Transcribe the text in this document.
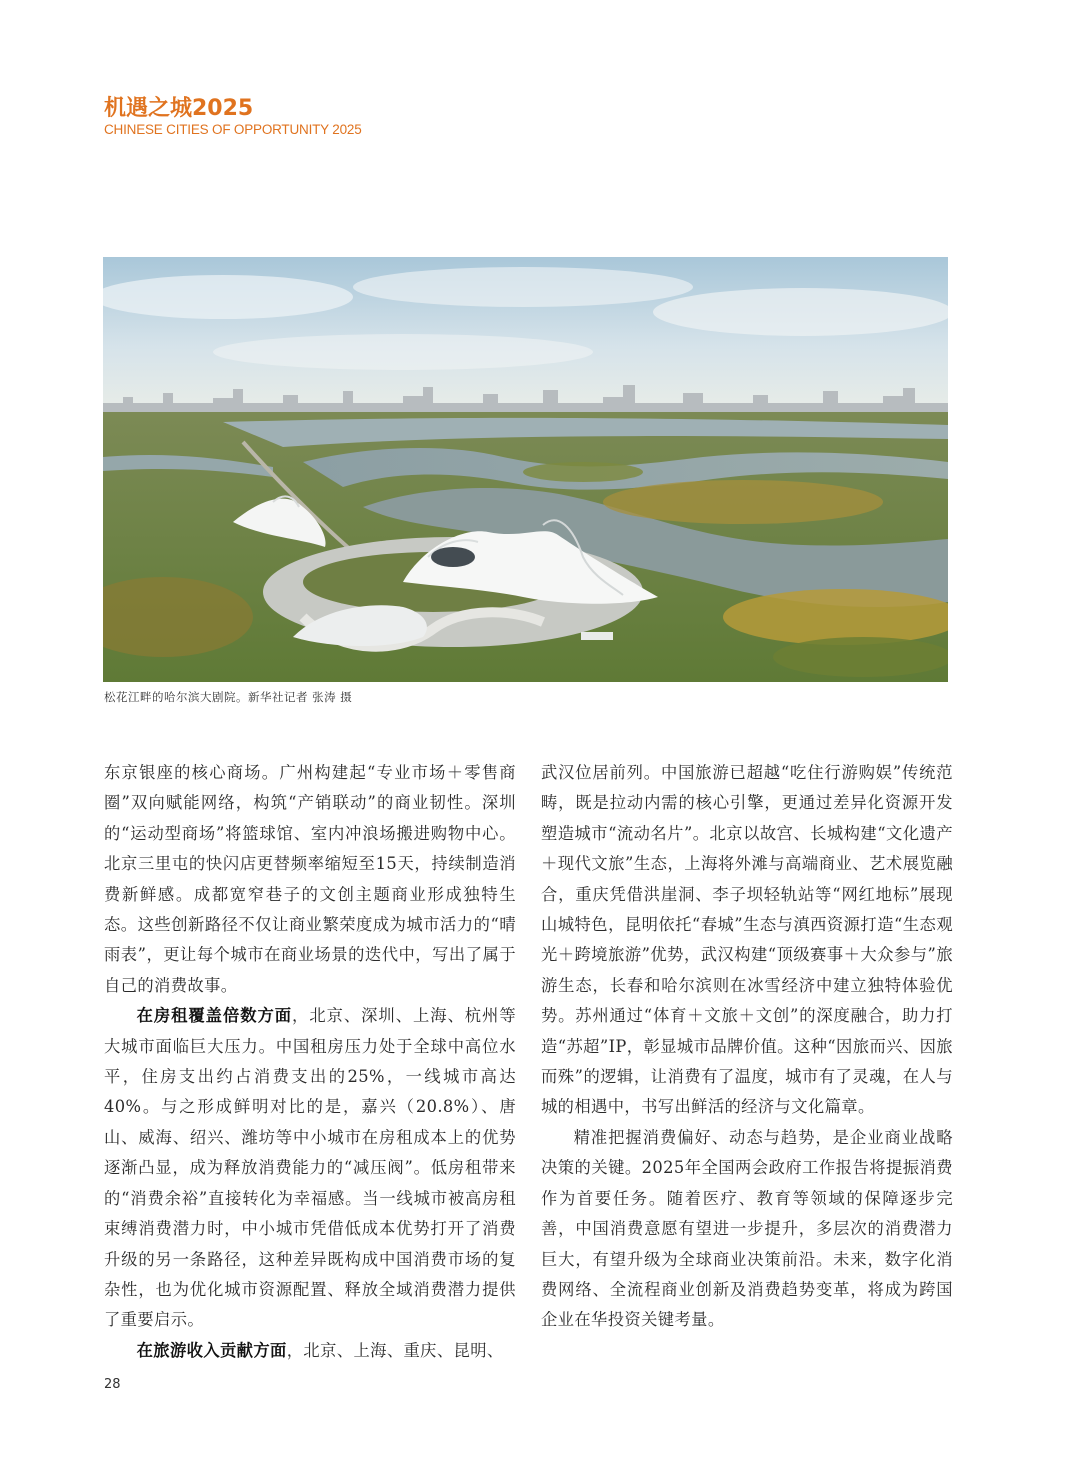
机遇之城2025
CHINESE CITIES OF OPPORTUNITY 2025
松花江畔的哈尔滨大剧院。新华社记者 张涛 摄

东京银座的核心商场。广州构建起“专业市场＋零售商圈”双向赋能网络，构筑“产销联动”的商业韧性。深圳的“运动型商场”将篮球馆、室内冲浪场搬进购物中心。北京三里屯的快闪店更替频率缩短至15天，持续制造消费新鲜感。成都宽窄巷子的文创主题商业形成独特生态。这些创新路径不仅让商业繁荣度成为城市活力的“晴雨表”，更让每个城市在商业场景的迭代中，写出了属于自己的消费故事。

在房租覆盖倍数方面，北京、深圳、上海、杭州等大城市面临巨大压力。中国租房压力处于全球中高位水平，住房支出约占消费支出的25%，一线城市高达40%。与之形成鲜明对比的是，嘉兴（20.8%）、唐山、威海、绍兴、潍坊等中小城市在房租成本上的优势逐渐凸显，成为释放消费能力的“减压阀”。低房租带来的“消费余裕”直接转化为幸福感。当一线城市被高房租束缚消费潜力时，中小城市凭借低成本优势打开了消费升级的另一条路径，这种差异既构成中国消费市场的复杂性，也为优化城市资源配置、释放全域消费潜力提供了重要启示。

在旅游收入贡献方面，北京、上海、重庆、昆明、

武汉位居前列。中国旅游已超越“吃住行游购娱”传统范畴，既是拉动内需的核心引擎，更通过差异化资源开发塑造城市“流动名片”。北京以故宫、长城构建“文化遗产＋现代文旅”生态，上海将外滩与高端商业、艺术展览融合，重庆凭借洪崖洞、李子坝轻轨站等“网红地标”展现山城特色，昆明依托“春城”生态与滇西资源打造“生态观光＋跨境旅游”优势，武汉构建“顶级赛事＋大众参与”旅游生态，长春和哈尔滨则在冰雪经济中建立独特体验优势。苏州通过“体育＋文旅＋文创”的深度融合，助力打造“苏超”IP，彰显城市品牌价值。这种“因旅而兴、因旅而殊”的逻辑，让消费有了温度，城市有了灵魂，在人与城的相遇中，书写出鲜活的经济与文化篇章。

精准把握消费偏好、动态与趋势，是企业商业战略决策的关键。2025年全国两会政府工作报告将提振消费作为首要任务。随着医疗、教育等领域的保障逐步完善，中国消费意愿有望进一步提升，多层次的消费潜力巨大，有望升级为全球商业决策前沿。未来，数字化消费网络、全流程商业创新及消费趋势变革，将成为跨国企业在华投资关键考量。

28
